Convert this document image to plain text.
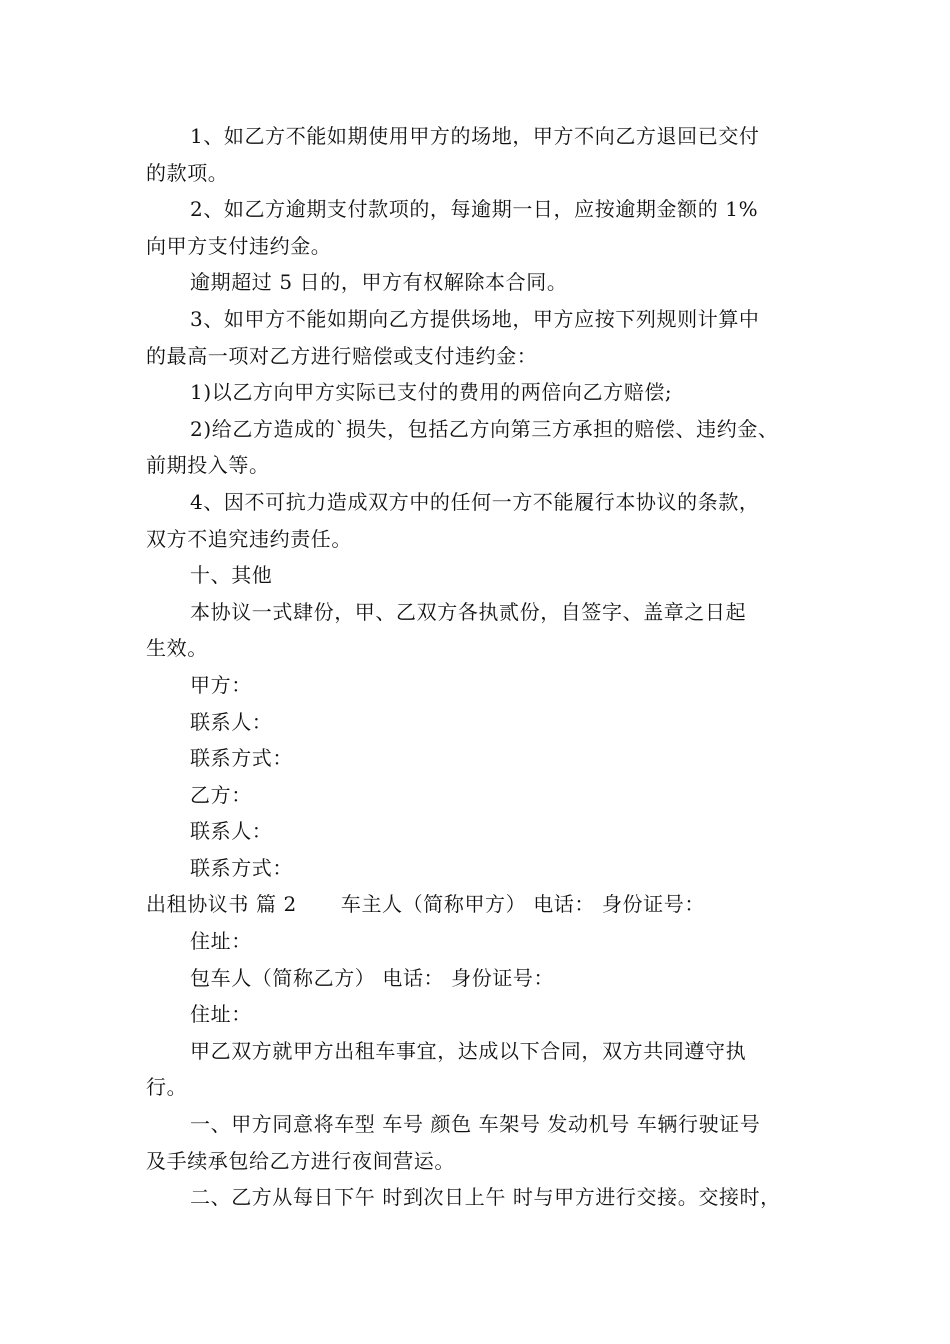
1、如乙方不能如期使用甲方的场地，甲方不向乙方退回已交付
的款项。
2、如乙方逾期支付款项的，每逾期一日，应按逾期金额的 1%
向甲方支付违约金。
逾期超过 5 日的，甲方有权解除本合同。
3、如甲方不能如期向乙方提供场地，甲方应按下列规则计算中
的最高一项对乙方进行赔偿或支付违约金：
1)以乙方向甲方实际已支付的费用的两倍向乙方赔偿;
2)给乙方造成的`损失，包括乙方向第三方承担的赔偿、违约金、
前期投入等。
4、因不可抗力造成双方中的任何一方不能履行本协议的条款，
双方不追究违约责任。
十、其他
本协议一式肆份，甲、乙双方各执贰份，自签字、盖章之日起
生效。
甲方：
联系人：
联系方式：
乙方：
联系人：
联系方式：
出租协议书 篇 2 车主人（简称甲方） 电话： 身份证号：
住址：
包车人（简称乙方） 电话： 身份证号：
住址：
甲乙双方就甲方出租车事宜，达成以下合同，双方共同遵守执
行。
一、甲方同意将车型 车号 颜色 车架号 发动机号 车辆行驶证号
及手续承包给乙方进行夜间营运。
二、乙方从每日下午 时到次日上午 时与甲方进行交接。交接时，
